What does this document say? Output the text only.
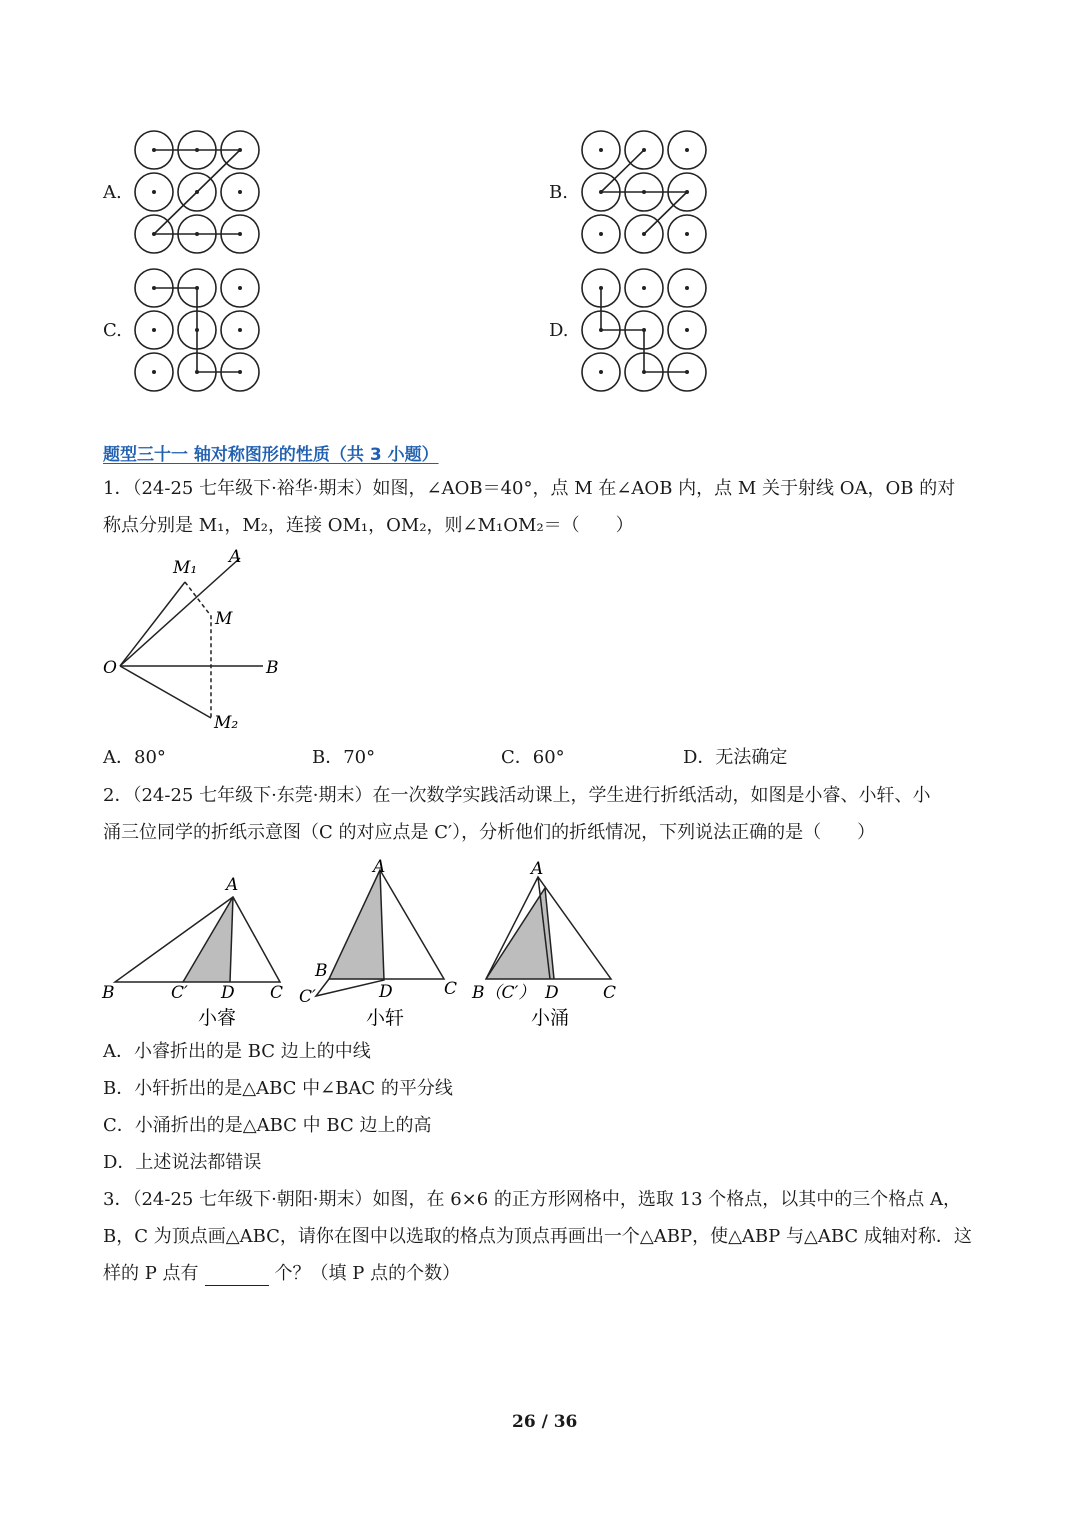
A.	B.
C.	D.
题型三十一 轴对称图形的性质（共 3 小题）
1．（24-25 七年级下·裕华·期末）如图，∠AOB＝40°，点 M 在∠AOB 内，点 M 关于射线 OA，OB 的对
称点分别是 M₁，M₂，连接 OM₁，OM₂，则∠M₁OM₂＝（　　）
M₁
A
M
O	B
M₂
A．80°	B．70°	C．60°	D．无法确定
2．（24-25 七年级下·东莞·期末）在一次数学实践活动课上，学生进行折纸活动，如图是小睿、小轩、小
涌三位同学的折纸示意图（C 的对应点是 C′），分析他们的折纸情况，下列说法正确的是（　　）
A
B	C′ D C
小睿
A
B
C′	D	C
小轩
A
B（C′） D	C
小涌
A．小睿折出的是 BC 边上的中线
B．小轩折出的是△ABC 中∠BAC 的平分线
C．小涌折出的是△ABC 中 BC 边上的高
D．上述说法都错误
3．（24-25 七年级下·朝阳·期末）如图，在 6×6 的正方形网格中，选取 13 个格点，以其中的三个格点 A，
B，C 为顶点画△ABC，请你在图中以选取的格点为顶点再画出一个△ABP，使△ABP 与△ABC 成轴对称．这
样的 P 点有	个？（填 P 点的个数）
26 / 36
